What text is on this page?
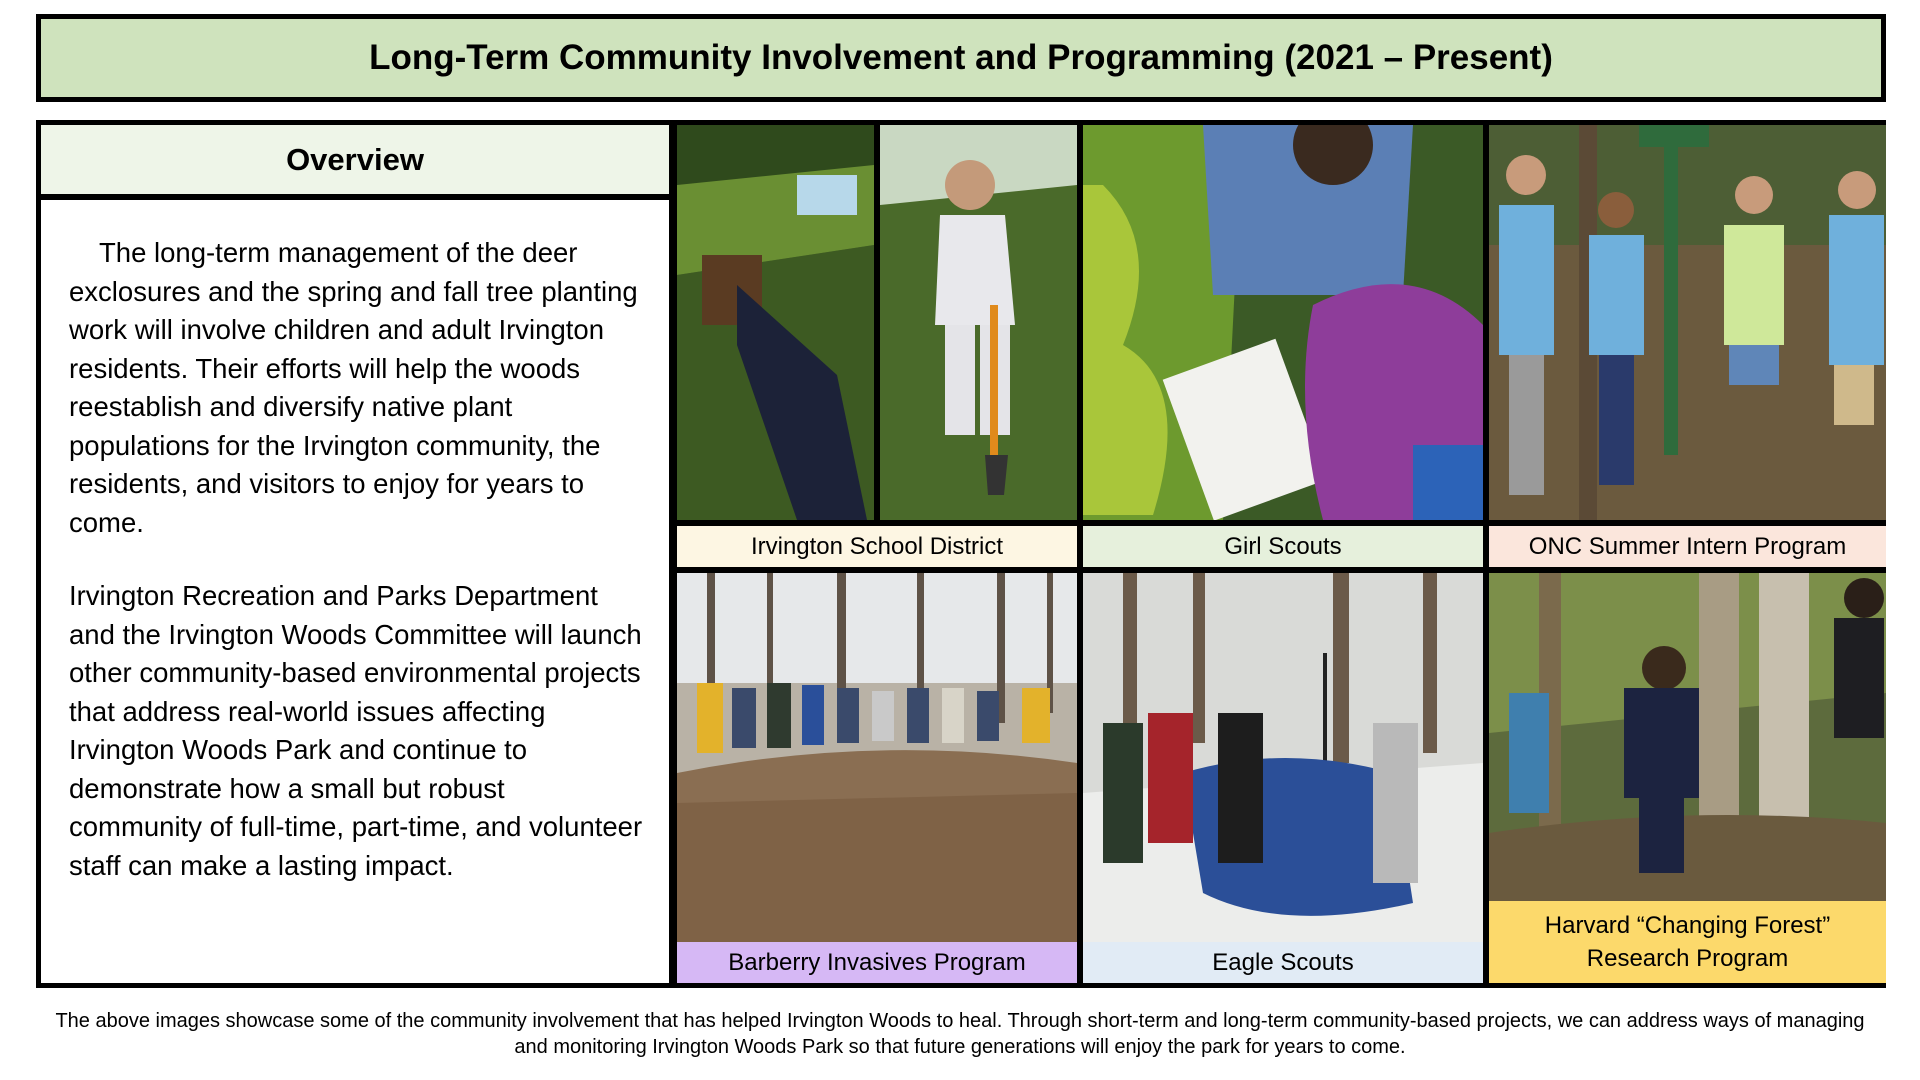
Long-Term Community Involvement and Programming (2021 – Present)
Overview

The long-term management of the deer exclosures and the spring and fall tree planting work will involve children and adult Irvington residents. Their efforts will help the woods reestablish and diversify native plant populations for the Irvington community, the residents, and visitors to enjoy for years to come.

Irvington Recreation and Parks Department and the Irvington Woods Committee will launch other community-based environmental projects that address real-world issues affecting Irvington Woods Park and continue to demonstrate how a small but robust community of full-time, part-time, and volunteer staff can make a lasting impact.

Irvington School District	Girl Scouts	ONC Summer Intern Program
Barberry Invasives Program	Eagle Scouts
Harvard “Changing Forest”
Research Program
The above images showcase some of the community involvement that has helped Irvington Woods to heal. Through short-term and long-term community-based projects, we can address ways of managing and monitoring Irvington Woods Park so that future generations will enjoy the park for years to come.
